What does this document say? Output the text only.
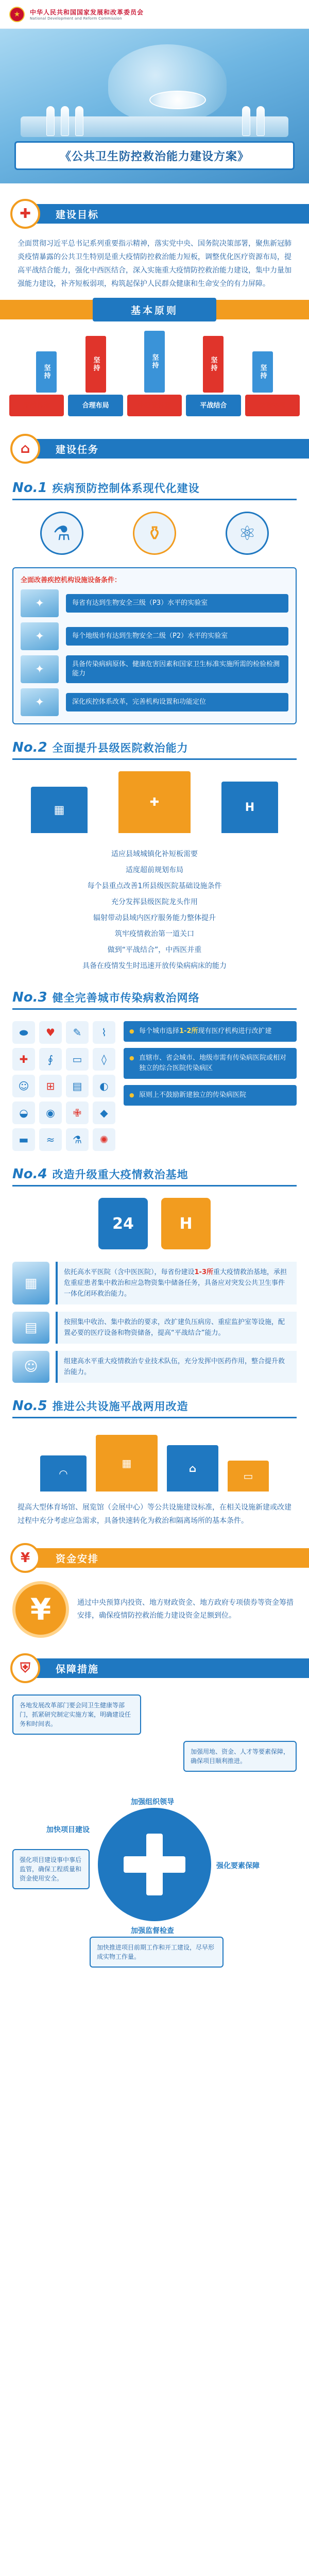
★
中华人民共和国国家发展和改革委员会
National Development and Reform Commission
《公共卫生防控救治能力建设方案》
建设目标
✚

全面贯彻习近平总书记系列重要指示精神，落实党中央、国务院决策部署，聚焦新冠肺炎疫情暴露的公共卫生特别是重大疫情防控救治能力短板，调整优化医疗资源布局，提高平战结合能力，强化中西医结合，深入实施重大疫情防控救治能力建设，集中力量加强能力建设，补齐短板弱项，构筑起保护人民群众健康和生命安全的有力屏障。

基本原则
坚持	坚持	坚持	坚持	坚持
底线思维	合理布局	中西医并重	平战结合	防治协同
建设任务
⌂
No.1 疾病预防控制体系现代化建设
⚗	⚱	⚛
全面改善疾控机构设施设备条件：
✦	每省有达到生物安全三级（P3）水平的实验室
✦	每个地级市有达到生物安全二级（P2）水平的实验室
✦	具备传染病病原体、健康危害因素和国家卫生标准实施所需的检验检测能力
✦	深化疾控体系改革，完善机构设置和功能定位
No.2 全面提升县级医院救治能力
▦
✚	H
适应县域城镇化补短板需要
适度超前规划布局
每个县重点改善1所县级医院基础设施条件
充分发挥县级医院龙头作用
辐射带动县域内医疗服务能力整体提升
筑牢疫情救治第一道关口
做到“平战结合”，中西医并重
具备在疫情发生时迅速开放传染病病床的能力
No.3 健全完善城市传染病救治网络
⬬	♥	✎	⌇
✚	∮	▭	◊
☺	⊞	▤	◐
◒	◉	✙	◆
▬	≈	⚗	✺
● 每个城市选择1-2所现有医疗机构进行改扩建
● 直辖市、省会城市、地级市需有传染病医院或相对独立的综合医院传染病区
● 原则上不鼓励新建独立的传染病医院
No.4 改造升级重大疫情救治基地
24	H
▦
依托高水平医院（含中医医院），每省份建设1-3所重大疫情救治基地，承担危重症患者集中救治和应急物资集中储备任务，具备应对突发公共卫生事件一体化闭环救治能力。
▤	按照集中收治、集中救治的要求，改扩建负压病房、重症监护室等设施，配置必要的医疗设备和物资储备，提高“平战结合”能力。
☺	组建高水平重大疫情救治专业技术队伍，充分发挥中医药作用，整合提升救治能力。
No.5 推进公共设施平战两用改造
◠
▦	⌂
▭

提高大型体育场馆、展览馆（会展中心）等公共设施建设标准，在相关设施新建或改建过程中充分考虑应急需求，具备快速转化为救治和隔离场所的基本条件。

资金安排
¥
¥	通过中央预算内投资、地方财政资金、地方政府专项债券等资金筹措安排，确保疫情防控救治能力建设资金足额到位。

保障措施
⛨
各地发展改革部门要会同卫生健康等部门，抓紧研究制定实施方案，明确建设任务和时间表。
加强用地、资金、人才等要素保障，确保项目顺利推进。
强化项目建设事中事后监管，确保工程质量和资金使用安全。
加快推进项目前期工作和开工建设，尽早形成实物工作量。
加强组织领导
强化要素保障
加强监督检查
加快项目建设
